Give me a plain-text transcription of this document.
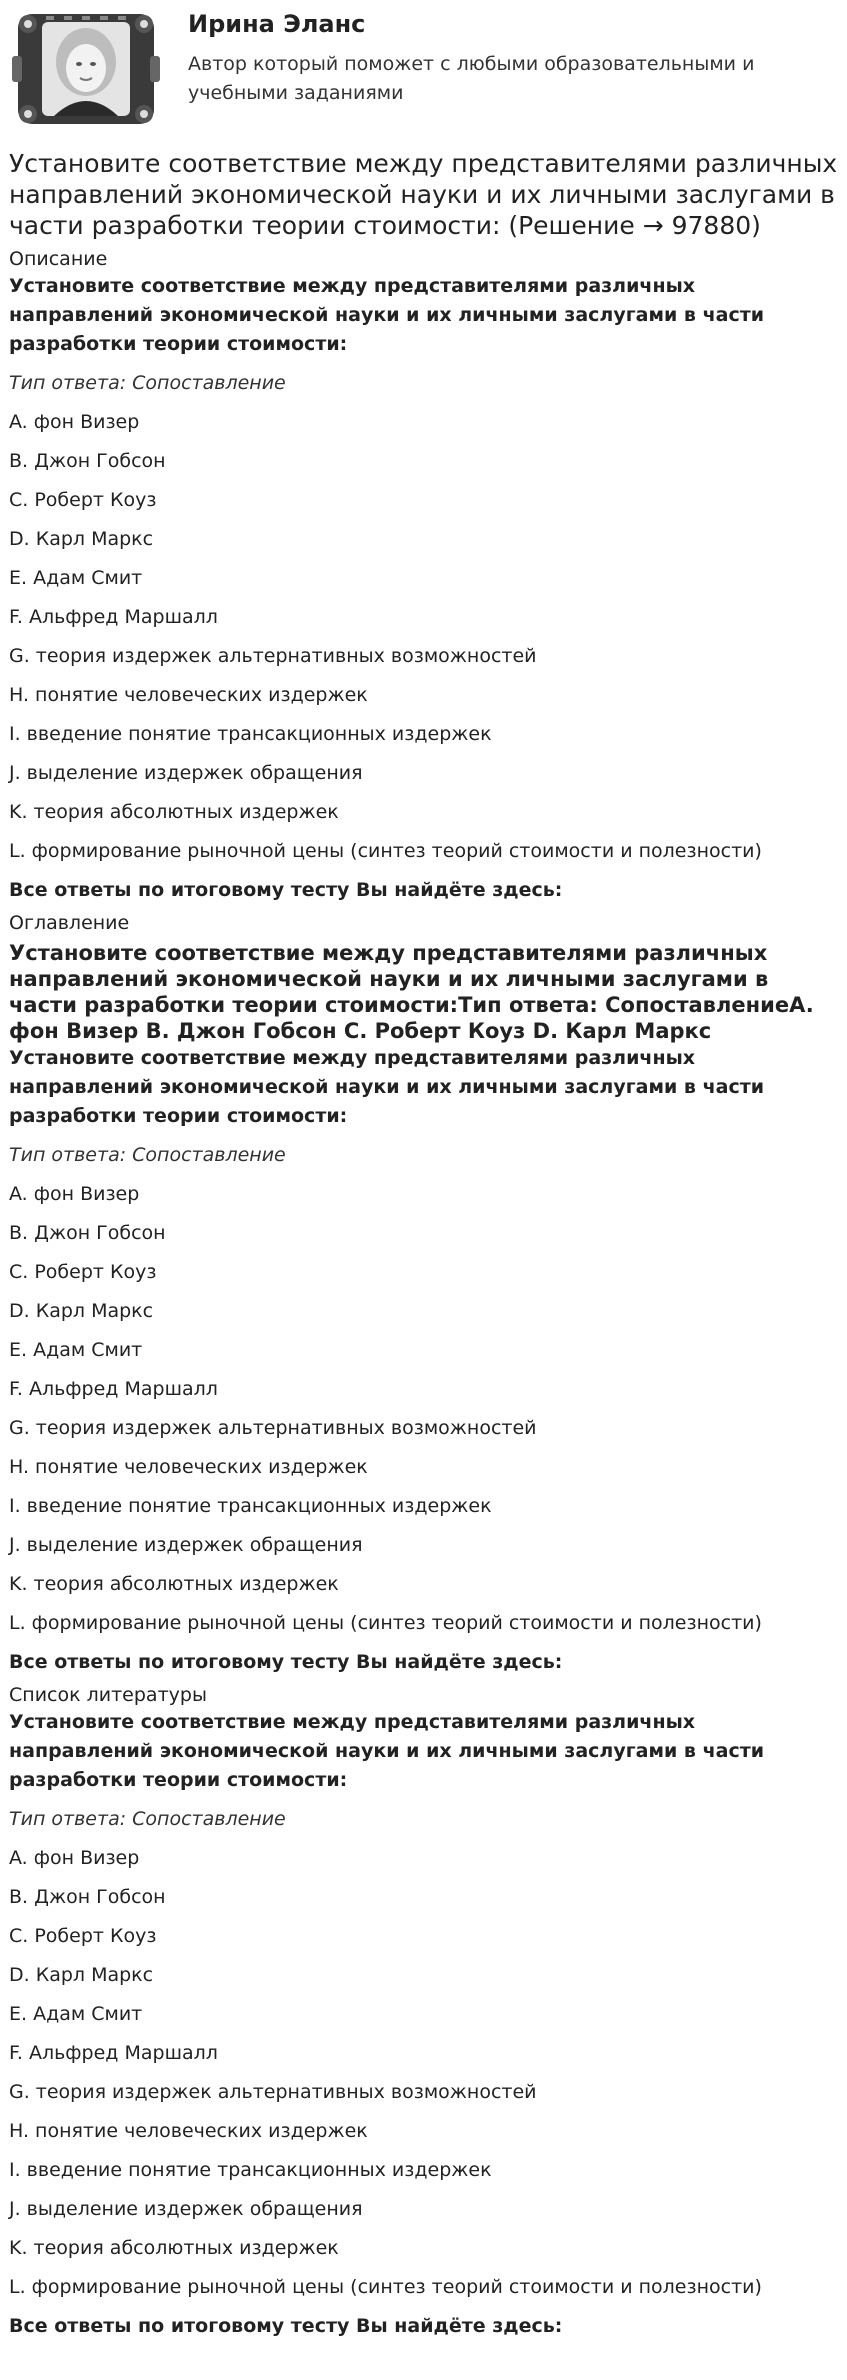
Ирина Эланс
Автор который поможет с любыми образовательными и учебными заданиями
Установите соответствие между представителями различных направлений экономической науки и их личными заслугами в части разработки теории стоимости: (Решение → 97880)
Описание
Установите соответствие между представителями различных направлений экономической науки и их личными заслугами в части разработки теории стоимости:
Тип ответа: Сопоставление
A. фон Визер
B. Джон Гобсон
C. Роберт Коуз
D. Карл Маркс
E. Адам Смит
F. Альфред Маршалл
G. теория издержек альтернативных возможностей
H. понятие человеческих издержек
I. введение понятие трансакционных издержек
J. выделение издержек обращения
K. теория абсолютных издержек
L. формирование рыночной цены (синтез теорий стоимости и полезности)
Все ответы по итоговому тесту Вы найдёте здесь:
Оглавление
Установите соответствие между представителями различных направлений экономической науки и их личными заслугами в части разработки теории стоимости:Тип ответа: СопоставлениеA. фон Визер B. Джон Гобсон C. Роберт Коуз D. Карл Маркс
Установите соответствие между представителями различных направлений экономической науки и их личными заслугами в части разработки теории стоимости:
Тип ответа: Сопоставление
A. фон Визер
B. Джон Гобсон
C. Роберт Коуз
D. Карл Маркс
E. Адам Смит
F. Альфред Маршалл
G. теория издержек альтернативных возможностей
H. понятие человеческих издержек
I. введение понятие трансакционных издержек
J. выделение издержек обращения
K. теория абсолютных издержек
L. формирование рыночной цены (синтез теорий стоимости и полезности)
Все ответы по итоговому тесту Вы найдёте здесь:
Список литературы
Установите соответствие между представителями различных направлений экономической науки и их личными заслугами в части разработки теории стоимости:
Тип ответа: Сопоставление
A. фон Визер
B. Джон Гобсон
C. Роберт Коуз
D. Карл Маркс
E. Адам Смит
F. Альфред Маршалл
G. теория издержек альтернативных возможностей
H. понятие человеческих издержек
I. введение понятие трансакционных издержек
J. выделение издержек обращения
K. теория абсолютных издержек
L. формирование рыночной цены (синтез теорий стоимости и полезности)
Все ответы по итоговому тесту Вы найдёте здесь:
